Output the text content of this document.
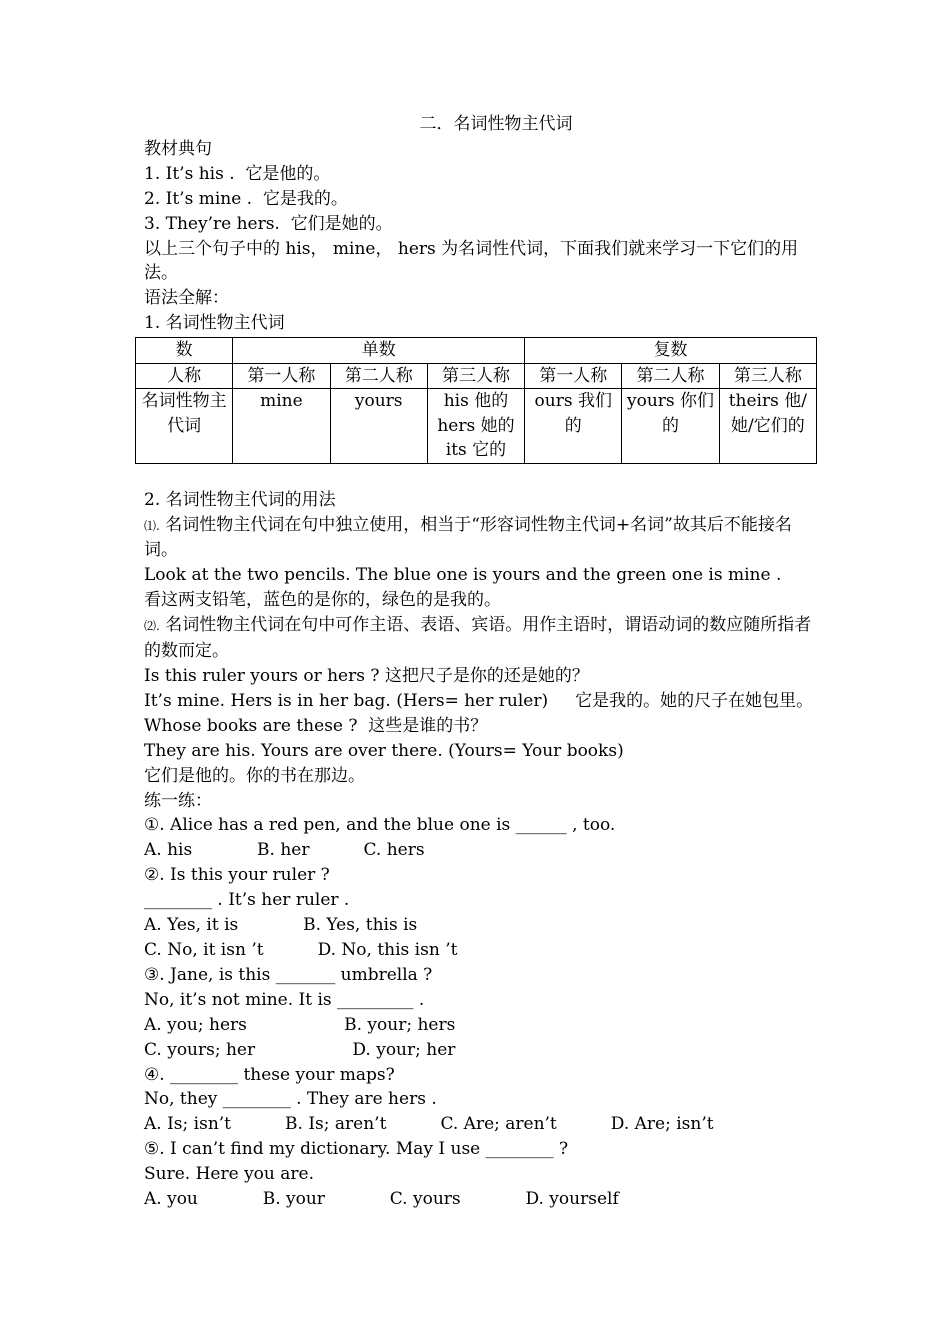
二．名词性物主代词
教材典句
1. It’s his .  它是他的。
2. It’s mine .  它是我的。
3. They’re hers.  它们是她的。
以上三个句子中的 his， mine， hers 为名词性代词，下面我们就来学习一下它们的用法。
语法全解：
1. 名词性物主代词
数	单数			复数		
人称	第一人称	第二人称	第三人称	第一人称	第二人称	第三人称
名词性物主代词	mine	yours	his 他的 hers 她的 its 它的	ours 我们的	yours 你们的	theirs 他/她/它们的
2. 名词性物主代词的用法
⑴. 名词性物主代词在句中独立使用，相当于“形容词性物主代词+名词”故其后不能接名词。
Look at the two pencils. The blue one is yours and the green one is mine .
看这两支铅笔，蓝色的是你的，绿色的是我的。
⑵. 名词性物主代词在句中可作主语、表语、宾语。用作主语时，谓语动词的数应随所指者的数而定。
Is this ruler yours or hers ? 这把尺子是你的还是她的？
It’s mine. Hers is in her bag. (Hers= her ruler)     它是我的。她的尺子在她包里。
Whose books are these ?  这些是谁的书？
They are his. Yours are over there. (Yours= Your books)
它们是他的。你的书在那边。
练一练：
①. Alice has a red pen, and the blue one is ______ , too.
A. his            B. her          C. hers
②. Is this your ruler ?
________ . It’s her ruler .
A. Yes, it is            B. Yes, this is
C. No, it isn ’t          D. No, this isn ’t
③. Jane, is this _______ umbrella ?
No, it’s not mine. It is _________ .
A. you; hers                  B. your; hers
C. yours; her                  D. your; her
④. ________ these your maps?
No, they ________ . They are hers .
A. Is; isn’t          B. Is; aren’t          C. Are; aren’t          D. Are; isn’t
⑤. I can’t find my dictionary. May I use ________ ?
Sure. Here you are.
A. you            B. your            C. yours            D. yourself
